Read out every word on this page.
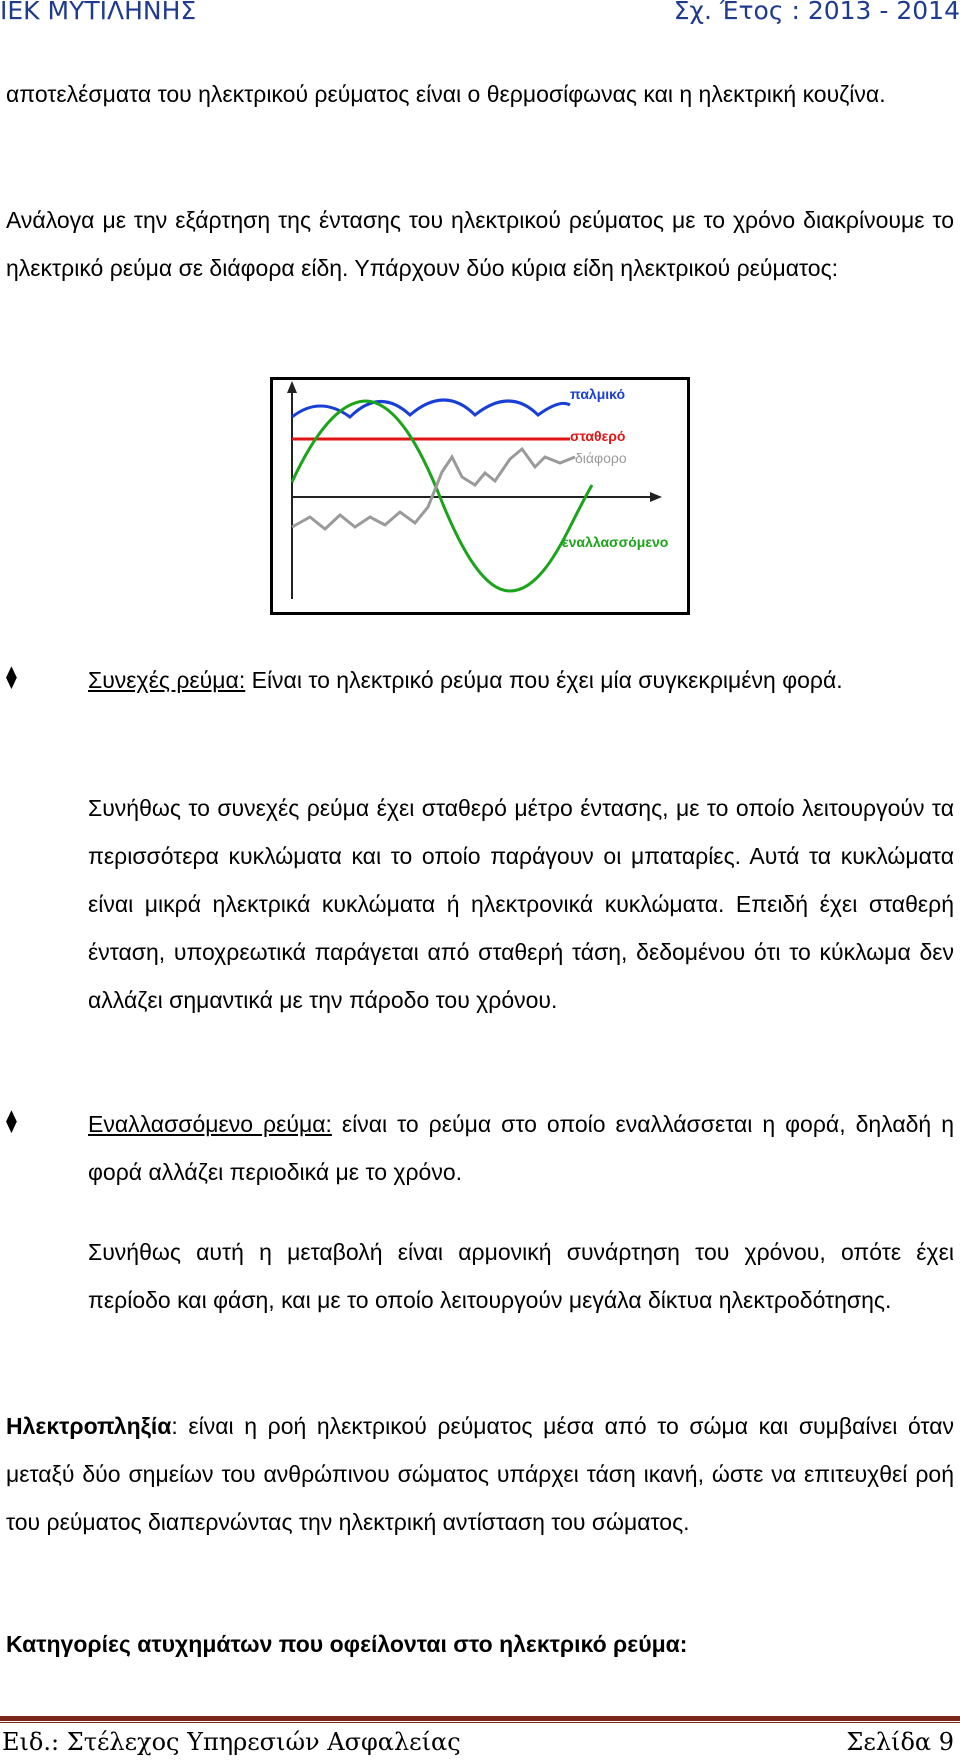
ΙΕΚ ΜΥΤΙΛΗΝΗΣ	Σχ. Έτος : 2013 - 2014
αποτελέσματα του ηλεκτρικού ρεύματος είναι ο θερμοσίφωνας και η ηλεκτρική κουζίνα.
Ανάλογα με την εξάρτηση της έντασης του ηλεκτρικού ρεύματος με το χρόνο διακρίνουμε το ηλεκτρικό ρεύμα σε διάφορα είδη. Υπάρχουν δύο κύρια είδη ηλεκτρικού ρεύματος:
παλμικό
σταθερό
διάφορο
εναλλασσόμενο
⧫	Συνεχές ρεύμα: Είναι το ηλεκτρικό ρεύμα που έχει μία συγκεκριμένη φορά.
Συνήθως το συνεχές ρεύμα έχει σταθερό μέτρο έντασης, με το οποίο λειτουργούν τα περισσότερα κυκλώματα και το οποίο παράγουν οι μπαταρίες. Αυτά τα κυκλώματα είναι μικρά ηλεκτρικά κυκλώματα ή ηλεκτρονικά κυκλώματα. Επειδή έχει σταθερή ένταση, υποχρεωτικά παράγεται από σταθερή τάση, δεδομένου ότι το κύκλωμα δεν αλλάζει σημαντικά με την πάροδο του χρόνου.
⧫	Εναλλασσόμενο ρεύμα: είναι το ρεύμα στο οποίο εναλλάσσεται η φορά, δηλαδή η φορά αλλάζει περιοδικά με το χρόνο.
Συνήθως αυτή η μεταβολή είναι αρμονική συνάρτηση του χρόνου, οπότε έχει περίοδο και φάση, και με το οποίο λειτουργούν μεγάλα δίκτυα ηλεκτροδότησης.
Ηλεκτροπληξία: είναι η ροή ηλεκτρικού ρεύματος μέσα από το σώμα και συμβαίνει όταν μεταξύ δύο σημείων του ανθρώπινου σώματος υπάρχει τάση ικανή, ώστε να επιτευχθεί ροή του ρεύματος διαπερνώντας την ηλεκτρική αντίσταση του σώματος.
Κατηγορίες ατυχημάτων που οφείλονται στο ηλεκτρικό ρεύμα:
Ειδ.: Στέλεχος Υπηρεσιών Ασφαλείας	Σελίδα 9
